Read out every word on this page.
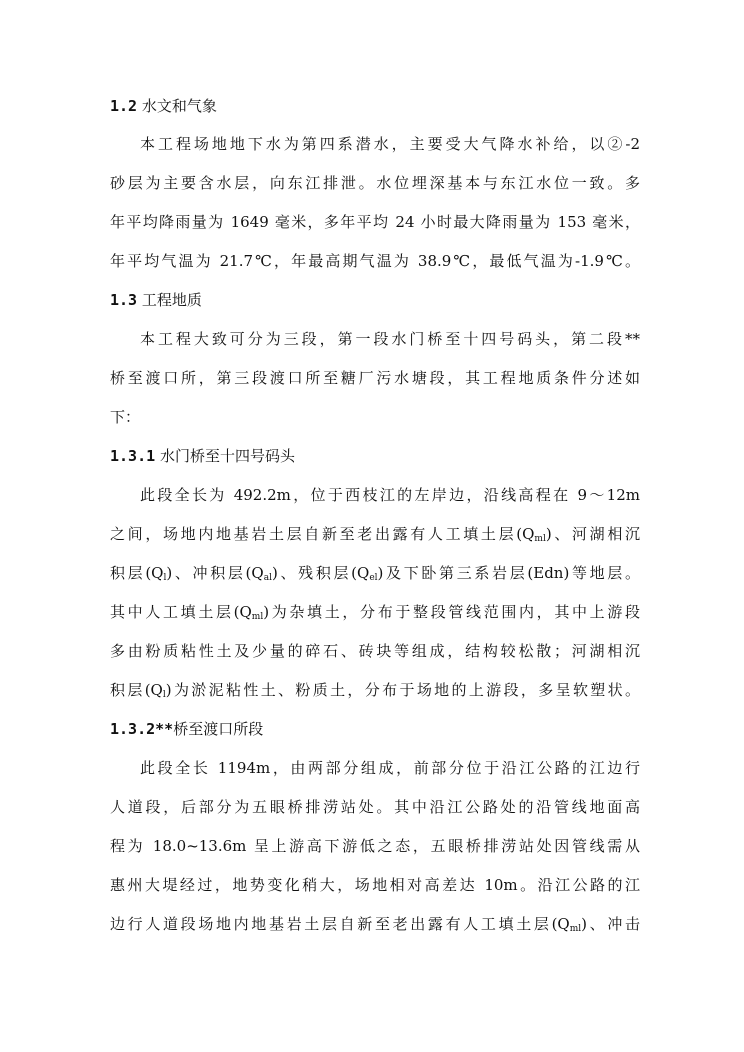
1.2 水文和气象
本工程场地地下水为第四系潜水，主要受大气降水补给，以②-2
砂层为主要含水层，向东江排泄。水位埋深基本与东江水位一致。多
年平均降雨量为 1649 毫米，多年平均 24 小时最大降雨量为 153 毫米，
年平均气温为 21.7℃，年最高期气温为 38.9℃，最低气温为-1.9℃。
1.3 工程地质
本工程大致可分为三段，第一段水门桥至十四号码头，第二段**
桥至渡口所，第三段渡口所至糖厂污水塘段，其工程地质条件分述如
下：
1.3.1 水门桥至十四号码头
此段全长为 492.2m，位于西枝江的左岸边，沿线高程在 9～12m
之间，场地内地基岩土层自新至老出露有人工填土层$(Q_{ml})$、河湖相沉
积层$(Q_l)$、冲积层$(Q_{al})$、残积层$(Q_{el})$及下卧第三系岩层(Edn)等地层。
其中人工填土层$(Q_{ml})$为杂填土，分布于整段管线范围内，其中上游段
多由粉质粘性土及少量的碎石、砖块等组成，结构较松散；河湖相沉
积层$(Q_l)$为淤泥粘性土、粉质土，分布于场地的上游段，多呈软塑状。
1.3.2**桥至渡口所段
此段全长 1194m，由两部分组成，前部分位于沿江公路的江边行
人道段，后部分为五眼桥排涝站处。其中沿江公路处的沿管线地面高
程为 18.0~13.6m 呈上游高下游低之态，五眼桥排涝站处因管线需从
惠州大堤经过，地势变化稍大，场地相对高差达 10m。沿江公路的江
边行人道段场地内地基岩土层自新至老出露有人工填土层$(Q_{ml})$、冲击
